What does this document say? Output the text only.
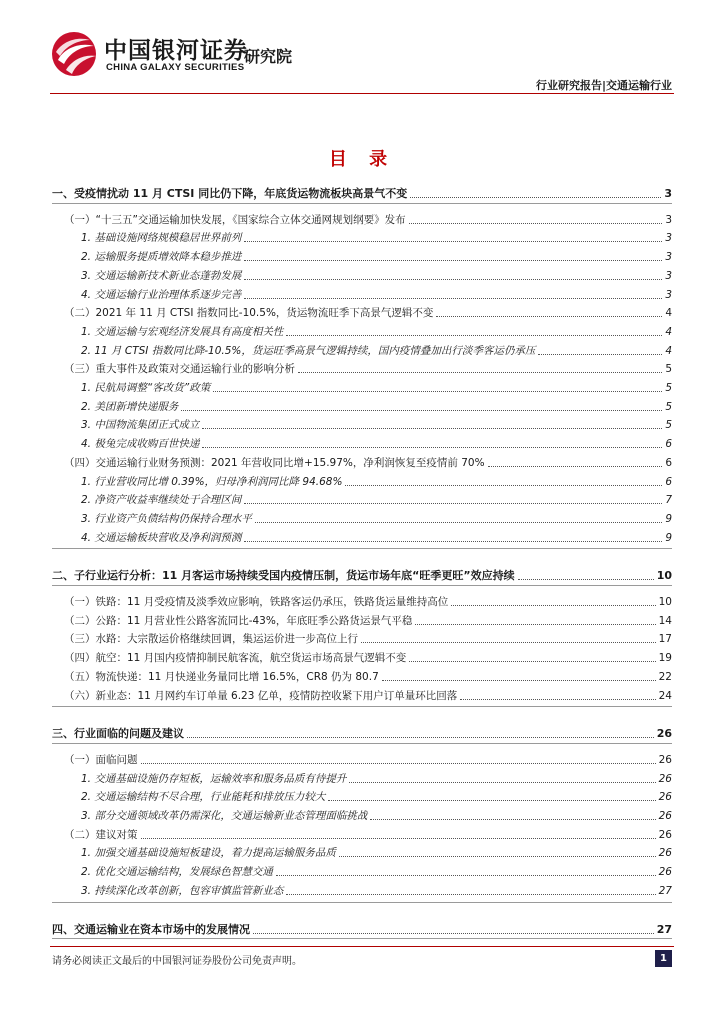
中国银河证券
CHINA GALAXY SECURITIES
研究院
行业研究报告|交通运输行业
目 录
一、受疫情扰动 11 月 CTSI 同比仍下降，年底货运物流板块高景气不变	3
（一）“十三五”交通运输加快发展，《国家综合立体交通网规划纲要》发布	3
1. 基础设施网络规模稳居世界前列	3
2. 运输服务提质增效降本稳步推进	3
3. 交通运输新技术新业态蓬勃发展	3
4. 交通运输行业治理体系逐步完善	3
（二）2021 年 11 月 CTSI 指数同比-10.5%，货运物流旺季下高景气逻辑不变	4
1. 交通运输与宏观经济发展具有高度相关性	4
2. 11 月 CTSI 指数同比降-10.5%，货运旺季高景气逻辑持续，国内疫情叠加出行淡季客运仍承压	4
（三）重大事件及政策对交通运输行业的影响分析	5
1. 民航局调整“客改货”政策	5
2. 美团新增快递服务	5
3. 中国物流集团正式成立	5
4. 极兔完成收购百世快递	6
（四）交通运输行业财务预测：2021 年营收同比增+15.97%，净利润恢复至疫情前 70%	6
1. 行业营收同比增 0.39%，归母净利润同比降 94.68%	6
2. 净资产收益率继续处于合理区间	7
3. 行业资产负债结构仍保持合理水平	9
4. 交通运输板块营收及净利润预测	9
二、子行业运行分析：11 月客运市场持续受国内疫情压制，货运市场年底“旺季更旺”效应持续	10
（一）铁路：11 月受疫情及淡季效应影响，铁路客运仍承压，铁路货运量维持高位	10
（二）公路：11 月营业性公路客流同比-43%，年底旺季公路货运景气平稳	14
（三）水路：大宗散运价格继续回调，集运运价进一步高位上行	17
（四）航空：11 月国内疫情抑制民航客流，航空货运市场高景气逻辑不变	19
（五）物流快递：11 月快递业务量同比增 16.5%，CR8 仍为 80.7	22
（六）新业态：11 月网约车订单量 6.23 亿单，疫情防控收紧下用户订单量环比回落	24
三、行业面临的问题及建议	26
（一）面临问题	26
1. 交通基础设施仍存短板，运输效率和服务品质有待提升	26
2. 交通运输结构不尽合理，行业能耗和排放压力较大	26
3. 部分交通领域改革仍需深化，交通运输新业态管理面临挑战	26
（二）建议对策	26
1. 加强交通基础设施短板建设，着力提高运输服务品质	26
2. 优化交通运输结构，发展绿色智慧交通	26
3. 持续深化改革创新，包容审慎监管新业态	27
四、交通运输业在资本市场中的发展情况	27
请务必阅读正文最后的中国银河证券股份公司免责声明。	1
